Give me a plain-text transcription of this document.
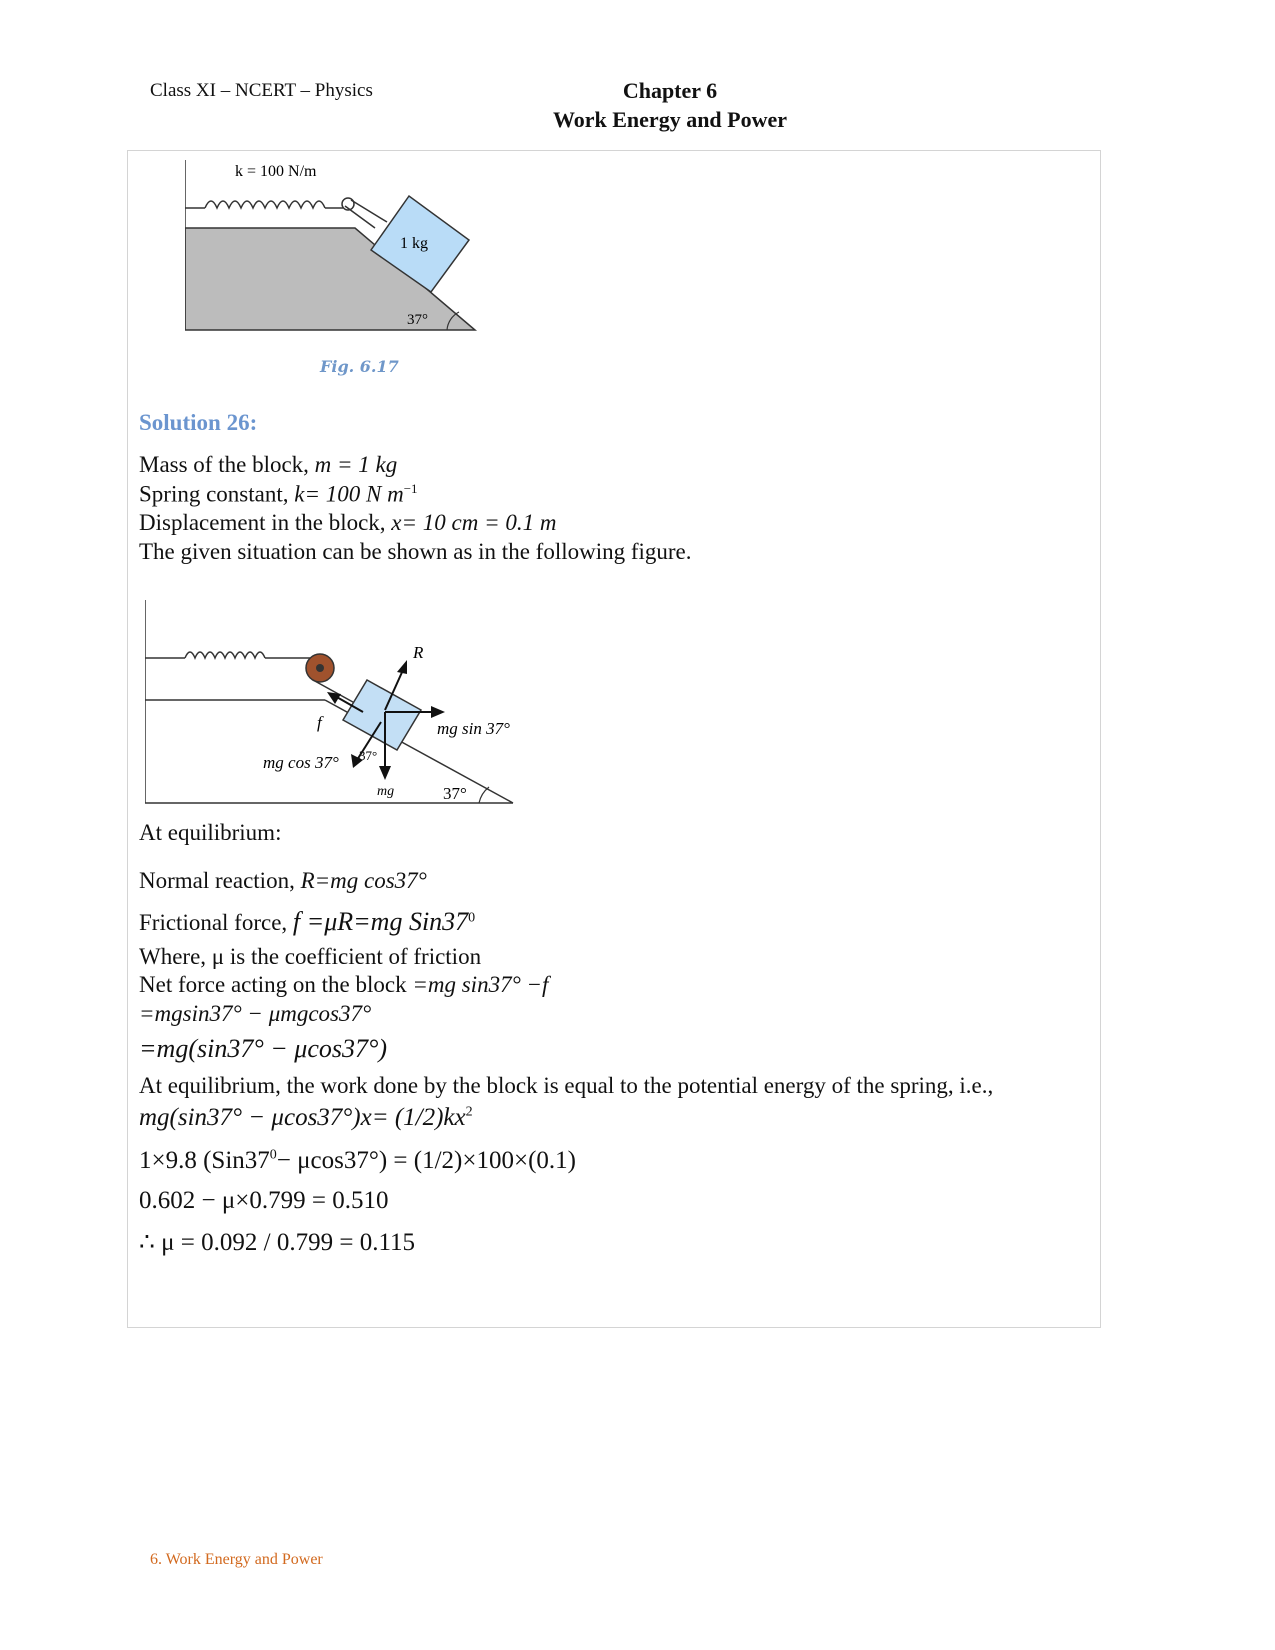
Class XI – NCERT – Physics	Chapter 6
Work Energy and Power
1 kg
k = 100 N/m
37°
Fig. 6.17
Solution 26:
Mass of the block, m = 1 kg
Spring constant, k= 100 N $m^{-1}$
Displacement in the block, x= 10 cm = 0.1 m
The given situation can be shown as in the following figure.
R
mg sin 37°
f
mg
mg cos 37° 37°
37°
At equilibrium:
Normal reaction, R=mg cos37°
Frictional force, f =μR=mg $Sin37^0$
Where, μ is the coefficient of friction
Net force acting on the block =mg sin37° −f
=mgsin37° − μmgcos37°
=mg(sin37° − μcos37°)
At equilibrium, the work done by the block is equal to the potential energy of the spring, i.e.,
$mg(\sin 37^\circ - \mu\cos 37^\circ)x= (1/2)kx^2$
1×9.8 $(Sin37^0- \mu\cos 37^\circ) = (1/2)\times 100\times(0.1)$
0.602 − μ×0.799 = 0.510
∴ μ = 0.092 / 0.799 = 0.115
6. Work Energy and Power
